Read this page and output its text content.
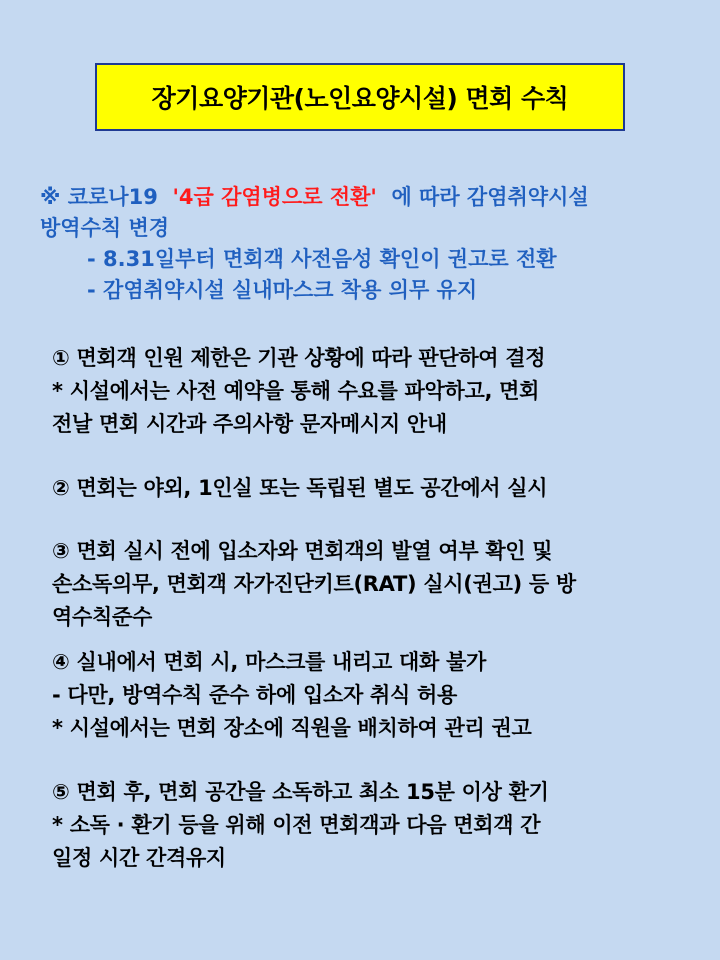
장기요양기관(노인요양시설) 면회 수칙
※ 코로나19  '4급 감염병으로 전환'  에 따라 감염취약시설
방역수칙 변경
- 8.31일부터 면회객 사전음성 확인이 권고로 전환
- 감염취약시설 실내마스크 착용 의무 유지
① 면회객 인원 제한은 기관 상황에 따라 판단하여 결정
* 시설에서는 사전 예약을 통해 수요를 파악하고, 면회
전날 면회 시간과 주의사항 문자메시지 안내
② 면회는 야외, 1인실 또는 독립된 별도 공간에서 실시
③ 면회 실시 전에 입소자와 면회객의 발열 여부 확인 및
손소독의무, 면회객 자가진단키트(RAT) 실시(권고) 등 방
역수칙준수
④ 실내에서 면회 시, 마스크를 내리고 대화 불가
- 다만, 방역수칙 준수 하에 입소자 취식 허용
* 시설에서는 면회 장소에 직원을 배치하여 관리 권고
⑤ 면회 후, 면회 공간을 소독하고 최소 15분 이상 환기
* 소독 · 환기 등을 위해 이전 면회객과 다음 면회객 간
일정 시간 간격유지
